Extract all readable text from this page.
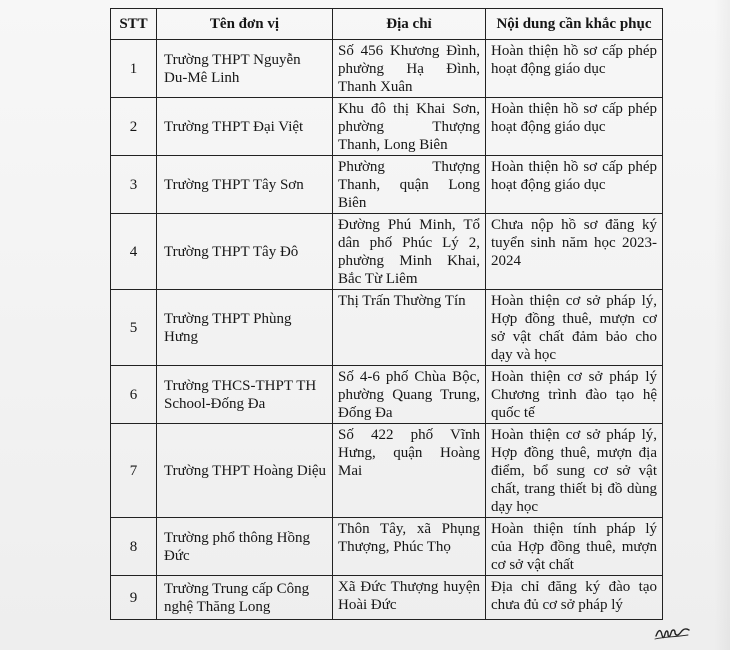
STT	Tên đơn vị	Địa chỉ	Nội dung cần khắc phục
1	Trường THPT Nguyễn Du-Mê Linh	Số 456 Khương Đình, phường Hạ Đình, Thanh Xuân	Hoàn thiện hồ sơ cấp phép hoạt động giáo dục

2	Trường THPT Đại Việt	Khu đô thị Khai Sơn, phường Thượng Thanh, Long Biên	Hoàn thiện hồ sơ cấp phép hoạt động giáo dục

3	Trường THPT Tây Sơn	Phường Thượng Thanh, quận Long Biên	Hoàn thiện hồ sơ cấp phép hoạt động giáo dục

4	Trường THPT Tây Đô	Đường Phú Minh, Tổ dân phố Phúc Lý 2, phường Minh Khai, Bắc Từ Liêm	Chưa nộp hồ sơ đăng ký tuyển sinh năm học 2023-2024

5	Trường THPT Phùng Hưng	Thị Trấn Thường Tín	Hoàn thiện cơ sở pháp lý, Hợp đồng thuê, mượn cơ sở vật chất đảm bảo cho dạy và học

6	Trường THCS-THPT TH School-Đống Đa	Số 4-6 phố Chùa Bộc, phường Quang Trung, Đống Đa	Hoàn thiện cơ sở pháp lý Chương trình đào tạo hệ quốc tế

7	Trường THPT Hoàng Diệu	Số 422 phố Vĩnh Hưng, quận Hoàng Mai	Hoàn thiện cơ sở pháp lý, Hợp đồng thuê, mượn địa điểm, bổ sung cơ sở vật chất, trang thiết bị đồ dùng dạy học

8	Trường phổ thông Hồng Đức	Thôn Tây, xã Phụng Thượng, Phúc Thọ	Hoàn thiện tính pháp lý của Hợp đồng thuê, mượn cơ sở vật chất

9	Trường Trung cấp Công nghệ Thăng Long	Xã Đức Thượng huyện Hoài Đức	Địa chỉ đăng ký đào tạo chưa đủ cơ sở pháp lý
